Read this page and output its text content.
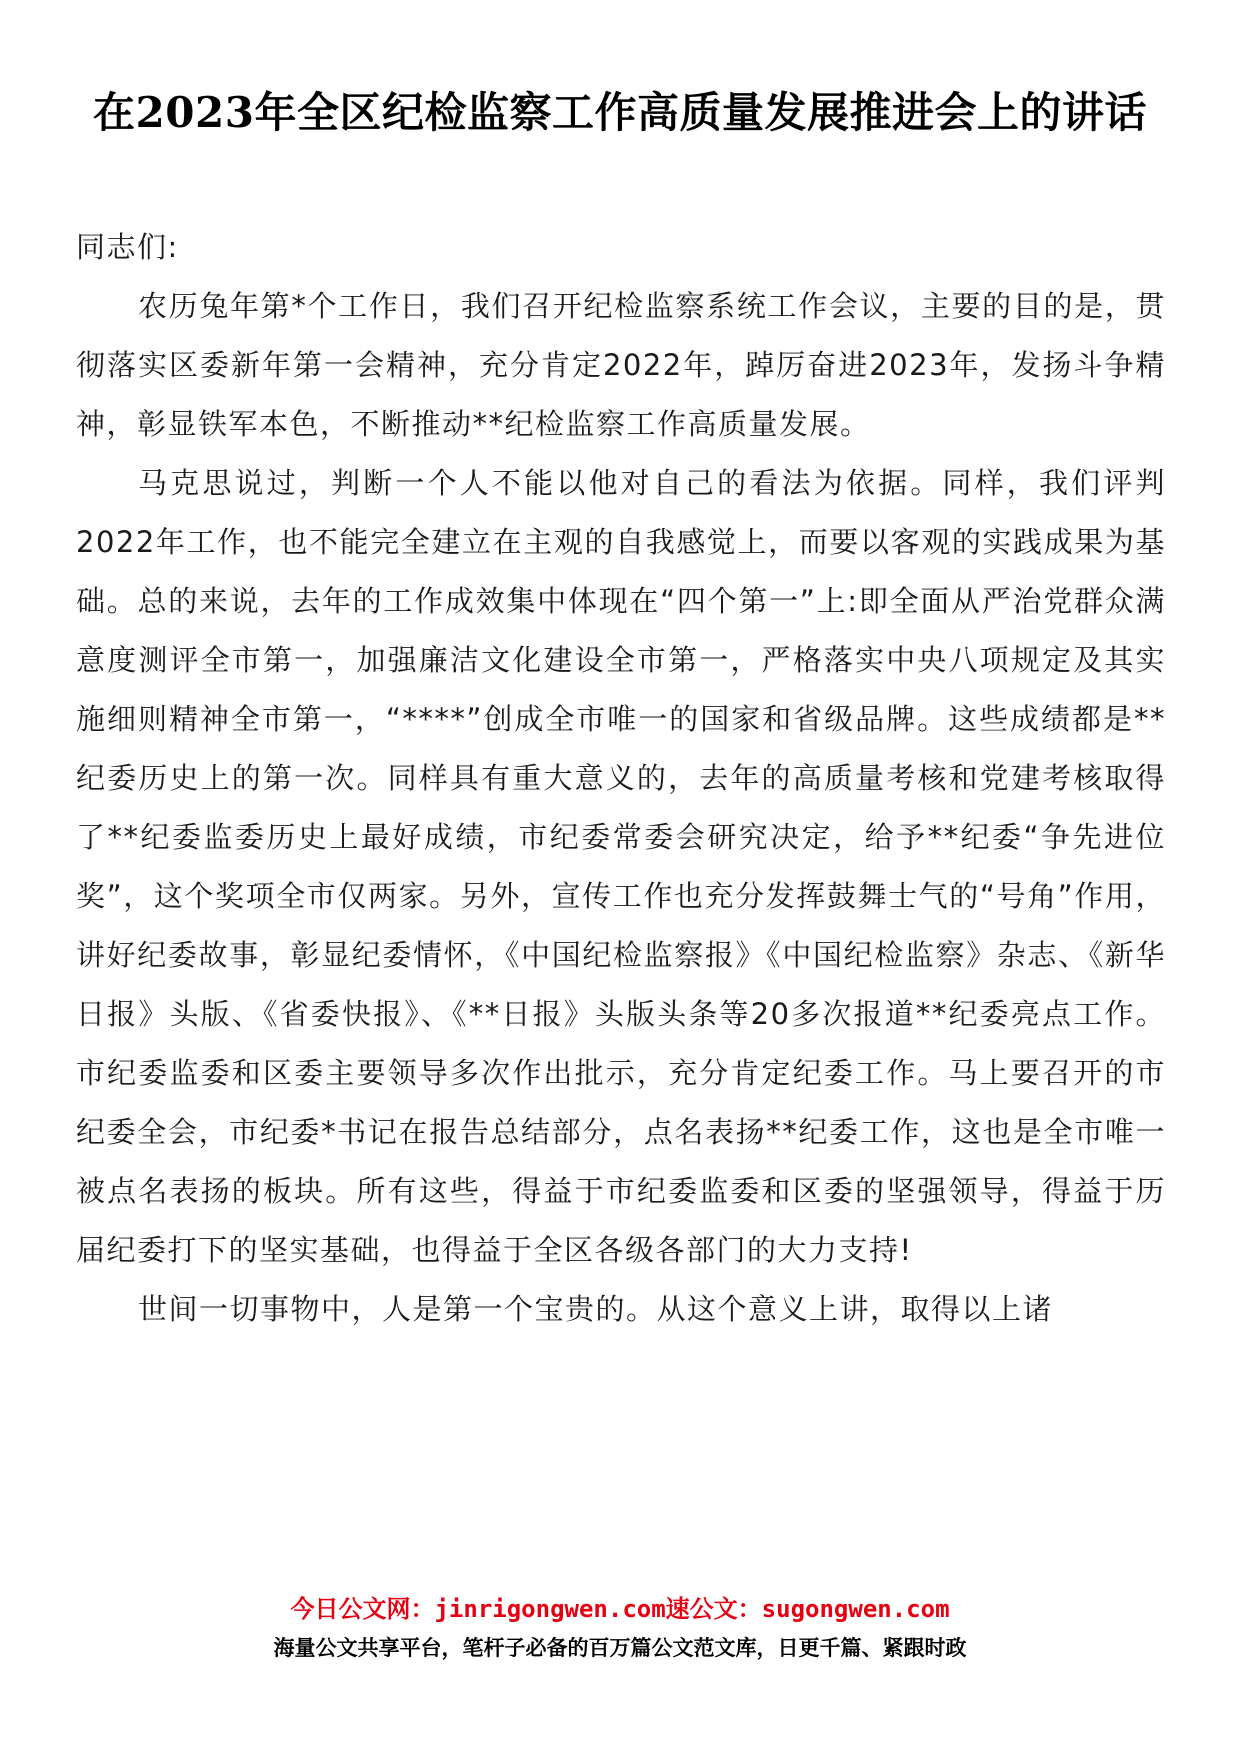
在2023年全区纪检监察工作高质量发展推进会上的讲话

同志们:

农历兔年第*个工作日，我们召开纪检监察系统工作会议，主要的目的是，贯彻落实区委新年第一会精神，充分肯定2022年，踔厉奋进2023年，发扬斗争精神，彰显铁军本色，不断推动**纪检监察工作高质量发展。

马克思说过，判断一个人不能以他对自己的看法为依据。同样，我们评判2022年工作，也不能完全建立在主观的自我感觉上，而要以客观的实践成果为基础。总的来说，去年的工作成效集中体现在“四个第一”上:即全面从严治党群众满意度测评全市第一，加强廉洁文化建设全市第一，严格落实中央八项规定及其实施细则精神全市第一，“****”创成全市唯一的国家和省级品牌。这些成绩都是**纪委历史上的第一次。同样具有重大意义的，去年的高质量考核和党建考核取得了**纪委监委历史上最好成绩，市纪委常委会研究决定，给予**纪委“争先进位奖”，这个奖项全市仅两家。另外，宣传工作也充分发挥鼓舞士气的“号角”作用，讲好纪委故事，彰显纪委情怀，《中国纪检监察报》《中国纪检监察》杂志、《新华日报》头版、《省委快报》、《**日报》头版头条等20多次报道**纪委亮点工作。市纪委监委和区委主要领导多次作出批示，充分肯定纪委工作。马上要召开的市纪委全会，市纪委*书记在报告总结部分，点名表扬**纪委工作，这也是全市唯一被点名表扬的板块。所有这些，得益于市纪委监委和区委的坚强领导，得益于历届纪委打下的坚实基础，也得益于全区各级各部门的大力支持!

世间一切事物中，人是第一个宝贵的。从这个意义上讲，取得以上诸

今日公文网：jinrigongwen.com速公文：sugongwen.com
海量公文共享平台，笔杆子必备的百万篇公文范文库，日更千篇、紧跟时政
